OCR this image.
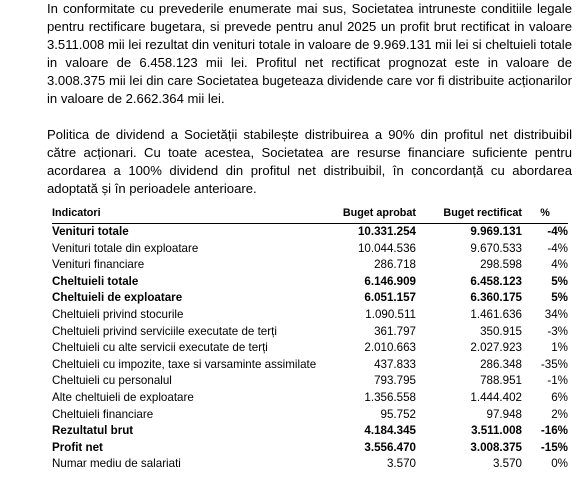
In conformitate cu prevederile enumerate mai sus, Societatea intruneste conditiile legale pentru rectificare bugetara, si prevede pentru anul 2025 un profit brut rectificat in valoare 3.511.008 mii lei rezultat din venituri totale in valoare de 9.969.131 mii lei si cheltuieli totale in valoare de 6.458.123 mii lei. Profitul net rectificat prognozat este in valoare de 3.008.375 mii lei din care Societatea bugeteaza dividende care vor fi distribuite acționarilor in valoare de 2.662.364 mii lei.

Politica de dividend a Societății stabilește distribuirea a 90% din profitul net distribuibil către acționari. Cu toate acestea, Societatea are resurse financiare suficiente pentru acordarea a 100% dividend din profitul net distribuibil, în concordanță cu abordarea adoptată și în perioadele anterioare.

Indicatori	Buget aprobat	Buget rectificat	%
Venituri totale	10.331.254	9.969.131	-4%
Venituri totale din exploatare	10.044.536	9.670.533	-4%
Venituri financiare	286.718	298.598	4%
Cheltuieli totale	6.146.909	6.458.123	5%
Cheltuieli de exploatare	6.051.157	6.360.175	5%
Cheltuieli privind stocurile	1.090.511	1.461.636	34%
Cheltuieli privind serviciile executate de terți	361.797	350.915	-3%
Cheltuieli cu alte servicii executate de terți	2.010.663	2.027.923	1%
Cheltuieli cu impozite, taxe si varsaminte assimilate	437.833	286.348	-35%
Cheltuieli cu personalul	793.795	788.951	-1%
Alte cheltuieli de exploatare	1.356.558	1.444.402	6%
Cheltuieli financiare	95.752	97.948	2%
Rezultatul brut	4.184.345	3.511.008	-16%
Profit net	3.556.470	3.008.375	-15%
Numar mediu de salariati	3.570	3.570	0%
